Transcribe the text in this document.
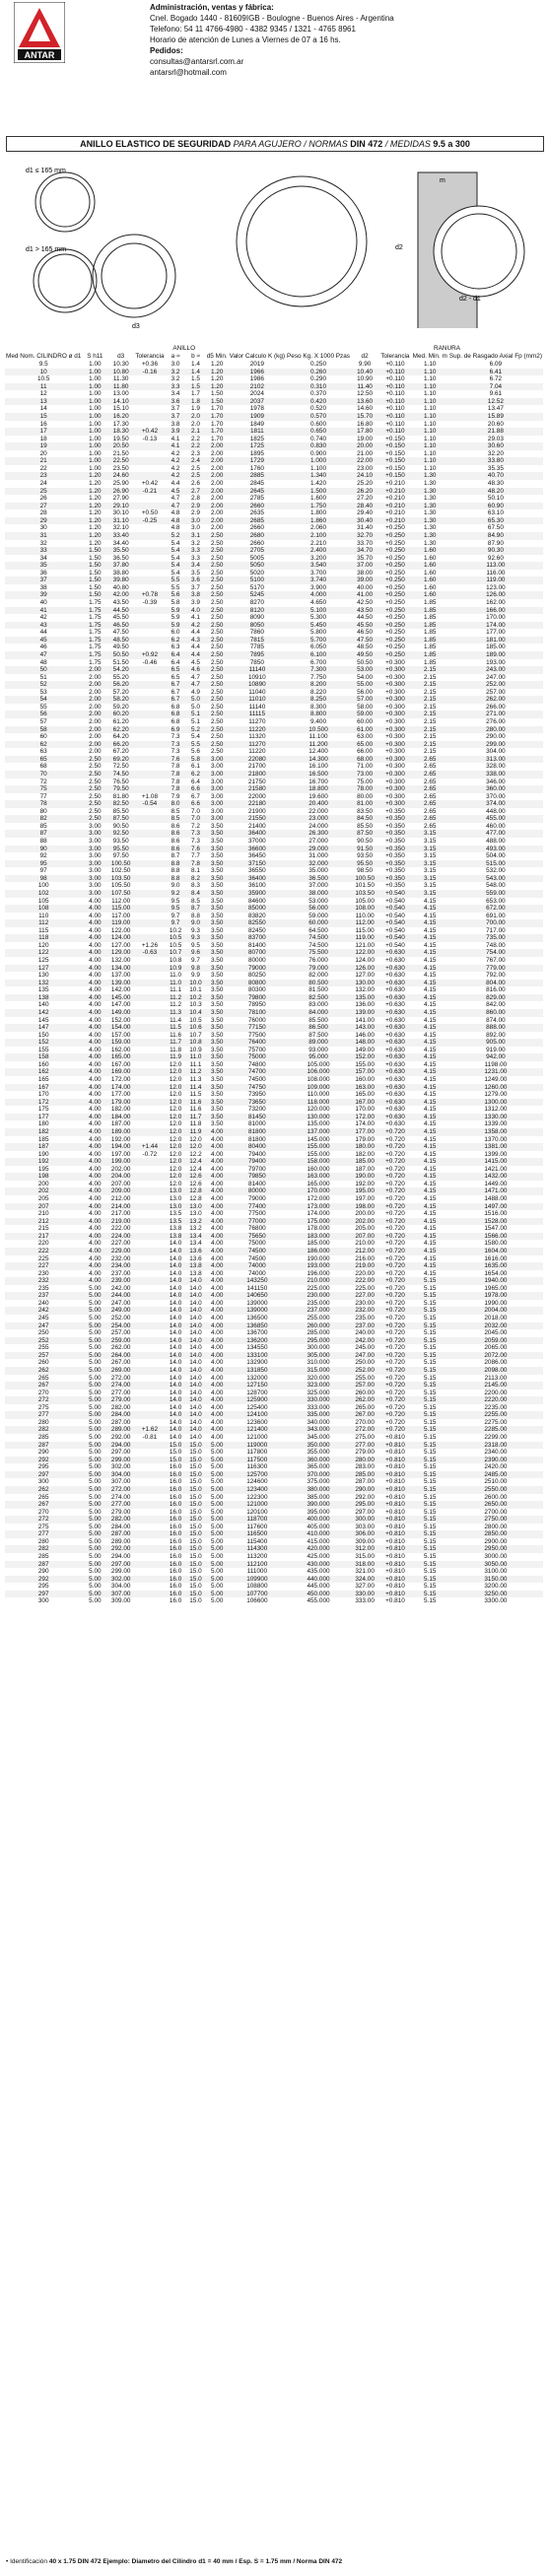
ANTAR
Administración, ventas y fábrica:
Cnel. Bogado 1440 - 81609IGB - Boulogne - Buenos Aires - Argentina
Telefono: 54 11 4766-4980 - 4382 9345 / 1321 - 4765 8961
Horario de atención de Lunes a Viernes de 07 a 16 hs.
Pedidos:
consultas@antarsrl.com.ar
antarsrl@hotmail.com
ANILLO ELASTICO DE SEGURIDAD PARA AGUJERO / NORMAS DIN 472 / MEDIDAS 9.5 a 300
d1 ≤ 165 mm
d1 > 165 mm
d3
d2
m
d2 - d1
	ANILLO								RANURA			
Med Nom. CILINDRO ø d1	S h11	d3	Tolerancia	a ≈	b ≈	d5 Min.	Valor Calculo K (kg)	Peso Kg. X 1000 Pzas	d2	Tolerancia	Med. Min. m	Sup. de Rasgado Axial Fp (mm2)
9.5	1.00	10.30	+0.36	3.0	1.4	1.20	2019	0.250	9.90	+0.110	1.10	6.09
10	1.00	10.80	-0.16	3.2	1.4	1.20	1966	0.260	10.40	+0.110	1.10	6.41
10.5	1.00	11.30		3.2	1.5	1.20	1986	0.290	10.90	+0.110	1.10	6.72
11	1.00	11.80		3.3	1.5	1.20	2102	0.310	11.40	+0.110	1.10	7.04
12	1.00	13.00		3.4	1.7	1.50	2024	0.370	12.50	+0.110	1.10	9.61
13	1.00	14.10		3.6	1.8	1.50	2037	0.420	13.60	+0.110	1.10	12.52
14	1.00	15.10		3.7	1.9	1.70	1978	0.520	14.60	+0.110	1.10	13.47
15	1.00	16.20		3.7	2.0	1.70	1909	0.570	15.70	+0.110	1.10	15.89
16	1.00	17.30		3.8	2.0	1.70	1849	0.600	16.80	+0.110	1.10	20.60
17	1.00	18.30	+0.42	3.9	2.1	1.70	1811	0.650	17.80	+0.110	1.10	21.88
18	1.00	19.50	-0.13	4.1	2.2	1.70	1825	0.740	19.00	+0.150	1.10	29.03
19	1.00	20.50		4.1	2.2	2.00	1725	0.830	20.00	+0.150	1.10	30.60
20	1.00	21.50		4.2	2.3	2.00	1895	0.900	21.00	+0.150	1.10	32.20
21	1.00	22.50		4.2	2.4	2.00	1729	1.000	22.00	+0.150	1.10	33.80
22	1.00	23.50		4.2	2.5	2.00	1760	1.100	23.00	+0.150	1.10	35.35
23	1.20	24.60		4.2	2.5	2.00	2885	1.340	24.10	+0.150	1.30	40.70
24	1.20	25.90	+0.42	4.4	2.6	2.00	2845	1.420	25.20	+0.210	1.30	48.30
25	1.20	26.90	-0.21	4.5	2.7	2.00	2645	1.500	26.20	+0.210	1.30	48.20
26	1.20	27.90		4.7	2.8	2.00	2785	1.600	27.20	+0.210	1.30	50.10
27	1.20	29.10		4.7	2.9	2.00	2660	1.750	28.40	+0.210	1.30	60.90
28	1.20	30.10	+0.50	4.8	2.9	2.00	2635	1.800	29.40	+0.210	1.30	63.10
29	1.20	31.10	-0.25	4.8	3.0	2.00	2685	1.860	30.40	+0.210	1.30	65.30
30	1.20	32.10		4.8	3.0	2.00	2660	2.060	31.40	+0.250	1.30	67.50
31	1.20	33.40		5.2	3.1	2.50	2680	2.100	32.70	+0.250	1.30	84.90
32	1.20	34.40		5.4	3.2	2.50	2660	2.210	33.70	+0.250	1.30	87.90
33	1.50	35.50		5.4	3.3	2.50	2705	2.400	34.70	+0.250	1.60	90.30
34	1.50	36.50		5.4	3.3	2.50	5005	3.200	35.70	+0.250	1.60	92.60
35	1.50	37.80		5.4	3.4	2.50	5050	3.540	37.00	+0.250	1.60	113.00
36	1.50	38.80		5.4	3.5	2.50	5020	3.700	38.00	+0.250	1.60	116.00
37	1.50	39.80		5.5	3.6	2.50	5100	3.740	39.00	+0.250	1.60	119.00
38	1.50	40.80		5.5	3.7	2.50	5170	3.900	40.00	+0.250	1.60	123.00
39	1.50	42.00	+0.78	5.6	3.8	2.50	5245	4.000	41.00	+0.250	1.60	126.00
40	1.75	43.50	-0.39	5.8	3.9	2.50	8270	4.650	42.50	+0.250	1.85	162.00
41	1.75	44.50		5.9	4.0	2.50	8120	5.100	43.50	+0.250	1.85	166.00
42	1.75	45.50		5.9	4.1	2.50	8090	5.300	44.50	+0.250	1.85	170.00
43	1.75	46.50		5.9	4.2	2.50	8050	5.450	45.50	+0.250	1.85	174.00
44	1.75	47.50		6.0	4.4	2.50	7860	5.800	46.50	+0.250	1.85	177.00
45	1.75	48.50		6.2	4.3	2.50	7815	5.700	47.50	+0.250	1.85	181.00
46	1.75	49.50		6.3	4.4	2.50	7785	6.050	48.50	+0.250	1.85	185.00
47	1.75	50.50	+0.92	6.4	4.4	2.50	7895	6.100	49.50	+0.250	1.85	189.00
48	1.75	51.50	-0.46	6.4	4.5	2.50	7850	6.700	50.50	+0.300	1.85	193.00
50	2.00	54.20		6.5	4.6	2.50	11140	7.300	53.00	+0.300	2.15	243.00
51	2.00	55.20		6.5	4.7	2.50	10910	7.750	54.00	+0.300	2.15	247.00
52	2.00	56.20		6.7	4.7	2.50	10890	8.200	55.00	+0.300	2.15	252.00
53	2.00	57.20		6.7	4.9	2.50	11040	8.220	56.00	+0.300	2.15	257.00
54	2.00	58.20		6.7	5.0	2.50	11010	8.250	57.00	+0.300	2.15	262.00
55	2.00	59.20		6.8	5.0	2.50	11140	8.300	58.00	+0.300	2.15	266.00
56	2.00	60.20		6.8	5.1	2.50	11115	8.800	59.00	+0.300	2.15	271.00
57	2.00	61.20		6.8	5.1	2.50	11270	9.400	60.00	+0.300	2.15	276.00
58	2.00	62.20		6.9	5.2	2.50	11220	10.500	61.00	+0.300	2.15	280.00
60	2.00	64.20		7.3	5.4	2.50	11320	11.100	63.00	+0.300	2.15	290.00
62	2.00	66.20		7.3	5.5	2.50	11270	11.200	65.00	+0.300	2.15	299.00
63	2.00	67.20		7.3	5.6	2.50	11220	12.400	66.00	+0.300	2.15	304.00
65	2.50	69.20		7.6	5.8	3.00	22080	14.300	68.00	+0.300	2.65	313.00
68	2.50	72.50		7.8	6.1	3.00	21700	16.100	71.00	+0.300	2.65	328.00
70	2.50	74.50		7.8	6.2	3.00	21800	16.500	73.00	+0.300	2.65	338.00
72	2.50	76.50		7.8	6.4	3.00	21750	16.700	75.00	+0.300	2.65	346.00
75	2.50	79.50		7.8	6.6	3.00	21580	18.800	78.00	+0.300	2.65	360.00
77	2.50	81.80	+1.08	7.9	6.7	3.00	22000	19.600	80.00	+0.300	2.65	370.00
78	2.50	82.50	-0.54	8.0	6.6	3.00	22180	20.400	81.00	+0.300	2.65	374.00
80	2.50	85.50		8.5	7.0	3.00	21900	22.000	83.50	+0.350	2.65	448.00
82	2.50	87.50		8.5	7.0	3.00	21550	23.000	84.50	+0.350	2.65	455.00
85	3.00	90.50		8.6	7.2	3.50	21400	24.000	85.50	+0.350	2.65	460.00
87	3.00	92.50		8.6	7.3	3.50	36400	26.300	87.50	+0.350	3.15	477.00
88	3.00	93.50		8.6	7.3	3.50	37000	27.000	90.50	+0.350	3.15	488.00
90	3.00	95.50		8.6	7.6	3.50	36600	29.000	91.50	+0.350	3.15	493.00
92	3.00	97.50		8.7	7.7	3.50	36450	31.000	93.50	+0.350	3.15	504.00
95	3.00	100.50		8.8	7.8	3.50	37150	32.000	95.50	+0.350	3.15	515.00
97	3.00	102.50		8.8	8.1	3.50	36550	35.000	98.50	+0.350	3.15	532.00
98	3.00	103.50		8.8	8.2	3.50	36400	36.500	100.50	+0.350	3.15	543.00
100	3.00	105.50		9.0	8.3	3.50	36100	37.000	101.50	+0.350	3.15	548.00
102	3.00	107.50		9.2	8.4	3.50	35900	38.000	103.50	+0.540	3.15	559.00
105	4.00	112.00		9.5	8.5	3.50	84600	53.000	105.00	+0.540	4.15	653.00
108	4.00	115.00		9.5	8.7	3.50	85000	56.000	108.00	+0.540	4.15	672.00
110	4.00	117.00		9.7	8.8	3.50	83820	59.000	110.00	+0.540	4.15	691.00
112	4.00	119.00		9.7	9.0	3.50	82550	60.000	112.00	+0.540	4.15	700.00
115	4.00	122.00		10.2	9.3	3.50	82450	64.500	115.00	+0.540	4.15	717.00
118	4.00	124.00		10.5	9.3	3.50	83700	74.500	119.00	+0.540	4.15	735.00
120	4.00	127.00	+1.26	10.5	9.5	3.50	81400	74.500	121.00	+0.540	4.15	748.00
122	4.00	129.00	-0.63	10.7	9.6	3.50	80700	75.500	122.00	+0.630	4.15	754.00
125	4.00	132.00		10.8	9.7	3.50	80000	76.000	124.00	+0.630	4.15	767.00
127	4.00	134.00		10.9	9.8	3.50	79000	79.000	126.00	+0.630	4.15	779.00
130	4.00	137.00		11.0	9.9	3.50	80250	82.000	127.00	+0.630	4.15	792.00
132	4.00	139.00		11.0	10.0	3.50	80800	80.500	130.00	+0.630	4.15	804.00
135	4.00	142.00		11.1	10.1	3.50	80300	81.500	132.00	+0.630	4.15	816.00
138	4.00	145.00		11.2	10.2	3.50	79800	82.500	135.00	+0.630	4.15	829.00
140	4.00	147.00		11.2	10.3	3.50	78950	83.000	136.00	+0.630	4.15	842.00
142	4.00	149.00		11.3	10.4	3.50	78100	84.000	139.00	+0.630	4.15	860.00
145	4.00	152.00		11.4	10.5	3.50	76000	85.500	141.00	+0.630	4.15	874.00
147	4.00	154.00		11.5	10.6	3.50	77150	86.500	143.00	+0.630	4.15	888.00
150	4.00	157.00		11.6	10.7	3.50	77500	87.500	146.00	+0.630	4.15	892.00
152	4.00	159.00		11.7	10.8	3.50	76400	89.000	148.00	+0.630	4.15	905.00
155	4.00	162.00		11.8	10.9	3.50	75700	93.000	149.00	+0.630	4.15	919.00
158	4.00	165.00		11.9	11.0	3.50	75000	95.000	152.00	+0.630	4.15	942.00
160	4.00	167.00		12.0	11.1	3.50	74800	105.000	155.00	+0.630	4.15	1198.00
162	4.00	169.00		12.0	11.2	3.50	74700	106.000	157.00	+0.630	4.15	1231.00
165	4.00	172.00		12.0	11.3	3.50	74500	108.000	160.00	+0.630	4.15	1249.00
167	4.00	174.00		12.0	11.4	3.50	74750	109.000	163.00	+0.630	4.15	1260.00
170	4.00	177.00		12.0	11.5	3.50	73950	110.000	165.00	+0.630	4.15	1279.00
172	4.00	179.00		12.0	11.6	3.50	73650	118.000	167.00	+0.630	4.15	1300.00
175	4.00	182.00		12.0	11.6	3.50	73200	120.000	170.00	+0.630	4.15	1312.00
177	4.00	184.00		12.0	11.7	3.50	81450	130.000	172.00	+0.630	4.15	1330.00
180	4.00	187.00		12.0	11.8	3.50	81000	135.000	174.00	+0.630	4.15	1339.00
182	4.00	189.00		12.0	11.9	4.00	81800	137.000	177.00	+0.720	4.15	1358.00
185	4.00	192.00		12.0	12.0	4.00	81800	145.000	179.00	+0.720	4.15	1370.00
187	4.00	194.00	+1.44	12.0	12.0	4.00	80400	155.000	180.00	+0.720	4.15	1381.00
190	4.00	197.00	-0.72	12.0	12.2	4.00	79400	155.000	182.00	+0.720	4.15	1399.00
192	4.00	199.00		12.0	12.4	4.00	79400	158.000	185.00	+0.720	4.15	1415.00
195	4.00	202.00		12.0	12.4	4.00	79700	160.000	187.00	+0.720	4.15	1421.00
198	4.00	204.00		12.0	12.6	4.00	79850	163.000	190.00	+0.720	4.15	1432.00
200	4.00	207.00		12.0	12.6	4.00	81400	165.000	192.00	+0.720	4.15	1449.00
202	4.00	209.00		13.0	12.8	4.00	80000	170.000	195.00	+0.720	4.15	1471.00
205	4.00	212.00		13.0	12.8	4.00	79000	172.000	197.00	+0.720	4.15	1488.00
207	4.00	214.00		13.0	13.0	4.00	77400	173.000	198.00	+0.720	4.15	1497.00
210	4.00	217.00		13.5	13.0	4.00	77500	174.000	200.00	+0.720	4.15	1516.00
212	4.00	219.00		13.5	13.2	4.00	77000	175.000	202.00	+0.720	4.15	1528.00
215	4.00	222.00		13.8	13.2	4.00	76800	178.000	205.00	+0.720	4.15	1547.00
217	4.00	224.00		13.8	13.4	4.00	75650	183.000	207.00	+0.720	4.15	1566.00
220	4.00	227.00		14.0	13.4	4.00	75000	185.000	210.00	+0.720	4.15	1580.00
222	4.00	229.00		14.0	13.6	4.00	74500	186.000	212.00	+0.720	4.15	1604.00
225	4.00	232.00		14.0	13.6	4.00	74500	190.000	216.00	+0.720	4.15	1616.00
227	4.00	234.00		14.0	13.8	4.00	74000	193.000	219.00	+0.720	4.15	1635.00
230	4.00	237.00		14.0	13.8	4.00	74000	196.000	220.00	+0.720	4.15	1654.00
232	4.00	239.00		14.0	14.0	4.00	143250	210.000	222.00	+0.720	5.15	1940.00
235	5.00	242.00		14.0	14.0	4.00	141150	225.000	225.00	+0.720	5.15	1965.00
237	5.00	244.00		14.0	14.0	4.00	140650	230.000	227.00	+0.720	5.15	1978.00
240	5.00	247.00		14.0	14.0	4.00	139000	235.000	230.00	+0.720	5.15	1990.00
242	5.00	249.00		14.0	14.0	4.00	139000	237.000	232.00	+0.720	5.15	2004.00
245	5.00	252.00		14.0	14.0	4.00	136500	255.000	235.00	+0.720	5.15	2018.00
247	5.00	254.00		14.0	14.0	4.00	136850	260.000	237.00	+0.720	5.15	2032.00
250	5.00	257.00		14.0	14.0	4.00	136700	285.000	240.00	+0.720	5.15	2045.00
252	5.00	259.00		14.0	14.0	4.00	136200	295.000	242.00	+0.720	5.15	2059.00
255	5.00	262.00		14.0	14.0	4.00	134550	300.000	245.00	+0.720	5.15	2065.00
257	5.00	264.00		14.0	14.0	4.00	133100	305.000	247.00	+0.720	5.15	2072.00
260	5.00	267.00		14.0	14.0	4.00	132900	310.000	250.00	+0.720	5.15	2086.00
262	5.00	269.00		14.0	14.0	4.00	131850	315.000	252.00	+0.720	5.15	2098.00
265	5.00	272.00		14.0	14.0	4.00	132000	320.000	255.00	+0.720	5.15	2113.00
267	5.00	274.00		14.0	14.0	4.00	127150	323.000	257.00	+0.720	5.15	2145.00
270	5.00	277.00		14.0	14.0	4.00	128700	325.000	260.00	+0.720	5.15	2200.00
272	5.00	279.00		14.0	14.0	4.00	125900	330.000	262.00	+0.720	5.15	2220.00
275	5.00	282.00		14.0	14.0	4.00	125400	333.000	265.00	+0.720	5.15	2235.00
277	5.00	284.00		14.0	14.0	4.00	124100	335.000	267.00	+0.720	5.15	2255.00
280	5.00	287.00		14.0	14.0	4.00	123600	340.000	270.00	+0.720	5.15	2275.00
282	5.00	289.00	+1.62	14.0	14.0	4.00	121400	343.000	272.00	+0.720	5.15	2285.00
285	5.00	292.00	-0.81	14.0	14.0	4.00	121000	345.000	275.00	+0.810	5.15	2299.00
287	5.00	294.00		15.0	15.0	5.00	119000	350.000	277.00	+0.810	5.15	2318.00
290	5.00	297.00		15.0	15.0	5.00	117800	355.000	279.00	+0.810	5.15	2340.00
292	5.00	299.00		15.0	15.0	5.00	117500	360.000	280.00	+0.810	5.15	2390.00
295	5.00	302.00		16.0	15.0	5.00	116300	365.000	283.00	+0.810	5.15	2420.00
297	5.00	304.00		16.0	15.0	5.00	125700	370.000	285.00	+0.810	5.15	2485.00
300	5.00	307.00		16.0	15.0	5.00	124600	375.000	287.00	+0.810	5.15	2510.00
262	5.00	272.00		16.0	15.0	5.00	123400	380.000	290.00	+0.810	5.15	2550.00
265	5.00	274.00		16.0	15.0	5.00	122300	385.000	292.00	+0.810	5.15	2600.00
267	5.00	277.00		16.0	15.0	5.00	121000	390.000	295.00	+0.810	5.15	2650.00
270	5.00	279.00		16.0	15.0	5.00	120100	395.000	297.00	+0.810	5.15	2700.00
272	5.00	282.00		16.0	15.0	5.00	118700	400.000	300.00	+0.810	5.15	2750.00
275	5.00	284.00		16.0	15.0	5.00	117600	405.000	303.00	+0.810	5.15	2800.00
277	5.00	287.00		16.0	15.0	5.00	116500	410.000	306.00	+0.810	5.15	2850.00
280	5.00	289.00		16.0	15.0	5.00	115400	415.000	309.00	+0.810	5.15	2900.00
282	5.00	292.00		16.0	15.0	5.00	114300	420.000	312.00	+0.810	5.15	2950.00
285	5.00	294.00		16.0	15.0	5.00	113200	425.000	315.00	+0.810	5.15	3000.00
287	5.00	297.00		16.0	15.0	5.00	112100	430.000	318.00	+0.810	5.15	3050.00
290	5.00	299.00		16.0	15.0	5.00	111000	435.000	321.00	+0.810	5.15	3100.00
292	5.00	302.00		16.0	15.0	5.00	109900	440.000	324.00	+0.810	5.15	3150.00
295	5.00	304.00		16.0	15.0	5.00	108800	445.000	327.00	+0.810	5.15	3200.00
297	5.00	307.00		16.0	15.0	5.00	107700	450.000	330.00	+0.810	5.15	3250.00
300	5.00	309.00		16.0	15.0	5.00	106600	455.000	333.00	+0.810	5.15	3300.00
• Identificación 40 x 1.75 DIN 472 Ejemplo: Diametro del Cilindro d1 = 40 mm / Esp. S = 1.75 mm / Norma DIN 472
